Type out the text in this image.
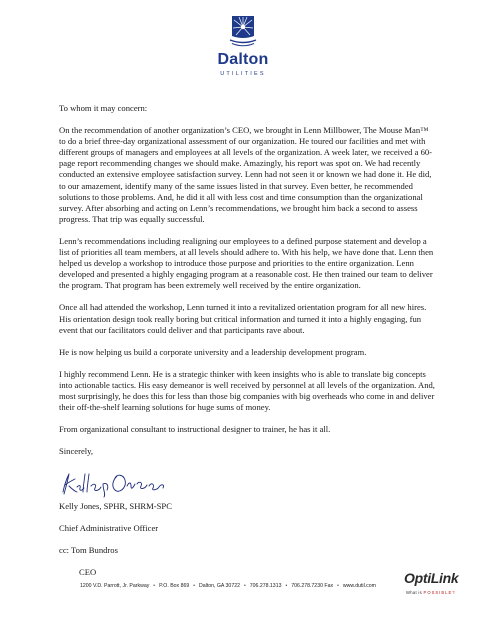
Dalton
UTILITIES

To whom it may concern:

On the recommendation of another organization’s CEO, we brought in Lenn Millbower, The Mouse Man™ to do a brief three-day organizational assessment of our organization. He toured our facilities and met with different groups of managers and employees at all levels of the organization. A week later, we received a 60-page report recommending changes we should make. Amazingly, his report was spot on. We had recently conducted an extensive employee satisfaction survey. Lenn had not seen it or known we had done it. He did, to our amazement, identify many of the same issues listed in that survey. Even better, he recommended solutions to those problems. And, he did it all with less cost and time consumption than the organizational survey. After absorbing and acting on Lenn’s recommendations, we brought him back a second to assess progress. That trip was equally successful.

Lenn’s recommendations including realigning our employees to a defined purpose statement and develop a list of priorities all team members, at all levels should adhere to. With his help, we have done that. Lenn then helped us develop a workshop to introduce those purpose and priorities to the entire organization. Lenn developed and presented a highly engaging program at a reasonable cost. He then trained our team to deliver the program. That program has been extremely well received by the entire organization.

Once all had attended the workshop, Lenn turned it into a revitalized orientation program for all new hires. His orientation design took really boring but critical information and turned it into a highly engaging, fun event that our facilitators could deliver and that participants rave about.

He is now helping us build a corporate university and a leadership development program.

I highly recommend Lenn. He is a strategic thinker with keen insights who is able to translate big concepts into actionable tactics. His easy demeanor is well received by personnel at all levels of the organization. And, most surprisingly, he does this for less than those big companies with big overheads who come in and deliver their off-the-shelf learning solutions for huge sums of money.

From organizational consultant to instructional designer to trainer, he has it all.

Sincerely,

Kelly Jones, SPHR, SHRM-SPC

Chief Administrative Officer

cc: Tom Bundros

CEO

1200 V.D. Parrott, Jr. Parkway • P.O. Box 869 • Dalton, GA 30722 • 706.278.1313 • 706.278.7230 Fax • www.dutil.com OptiLink
What is POSSIBLE?
